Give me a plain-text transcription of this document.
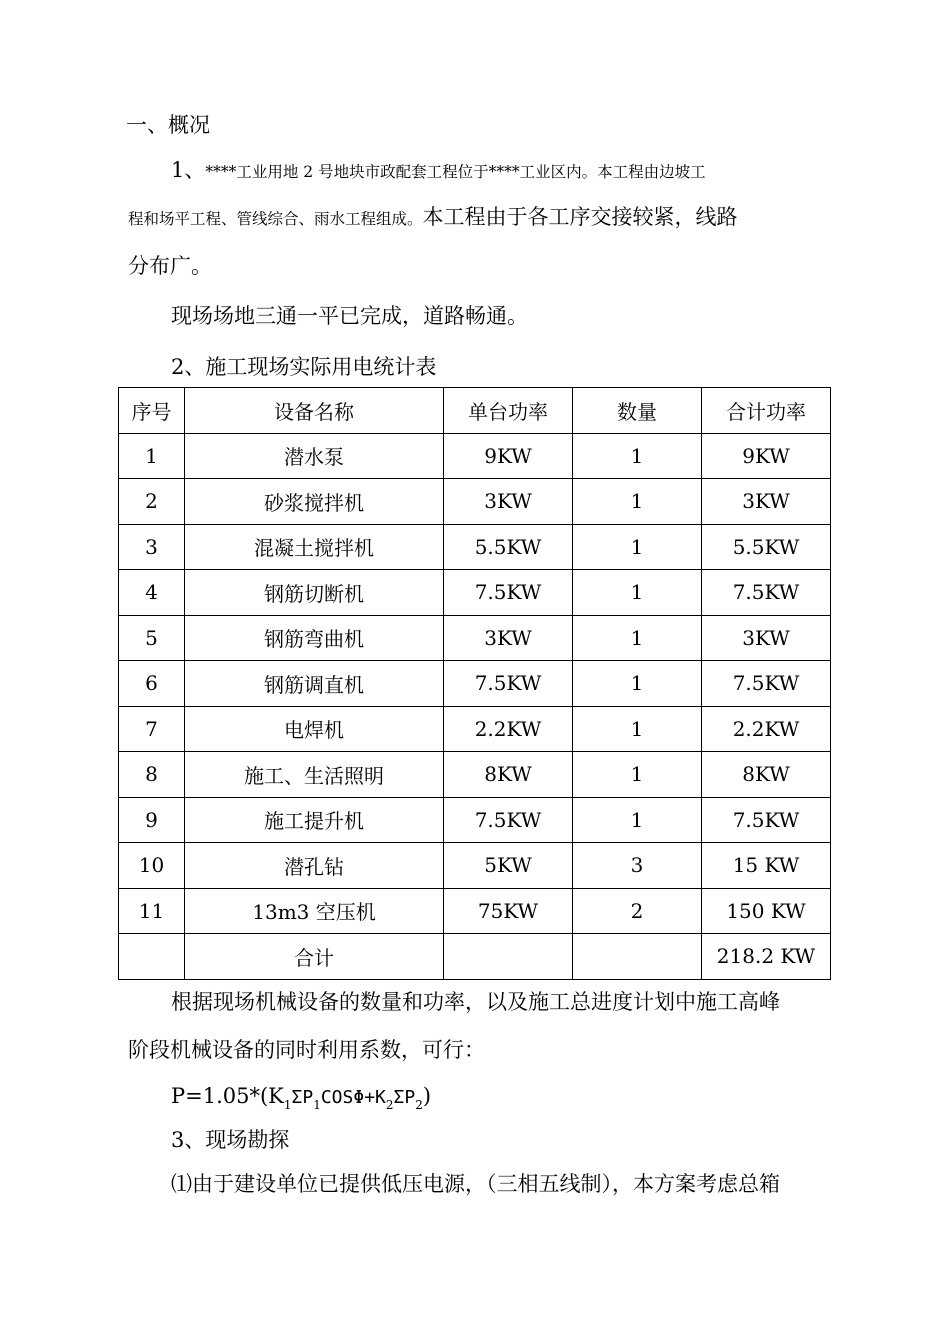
一、概况
1、****工业用地 2 号地块市政配套工程位于****工业区内。本工程由边坡工
程和场平工程、管线综合、雨水工程组成。本工程由于各工序交接较紧，线路
分布广。
现场场地三通一平已完成，道路畅通。
2、施工现场实际用电统计表
序号	设备名称	单台功率	数量	合计功率
1	潜水泵	9KW	1	9KW
2	砂浆搅拌机	3KW	1	3KW
3	混凝土搅拌机	5.5KW	1	5.5KW
4	钢筋切断机	7.5KW	1	7.5KW
5	钢筋弯曲机	3KW	1	3KW
6	钢筋调直机	7.5KW	1	7.5KW
7	电焊机	2.2KW	1	2.2KW
8	施工、生活照明	8KW	1	8KW
9	施工提升机	7.5KW	1	7.5KW
10	潜孔钻	5KW	3	15 KW
11	13m3 空压机	75KW	2	150 KW
	合计			218.2 KW
根据现场机械设备的数量和功率，以及施工总进度计划中施工高峰
阶段机械设备的同时利用系数，可行：
$P=1.05*(K_1\Sigma P_1COS\Phi+K_2\Sigma P_2)$
3、现场勘探
⑴由于建设单位已提供低压电源，（三相五线制），本方案考虑总箱
